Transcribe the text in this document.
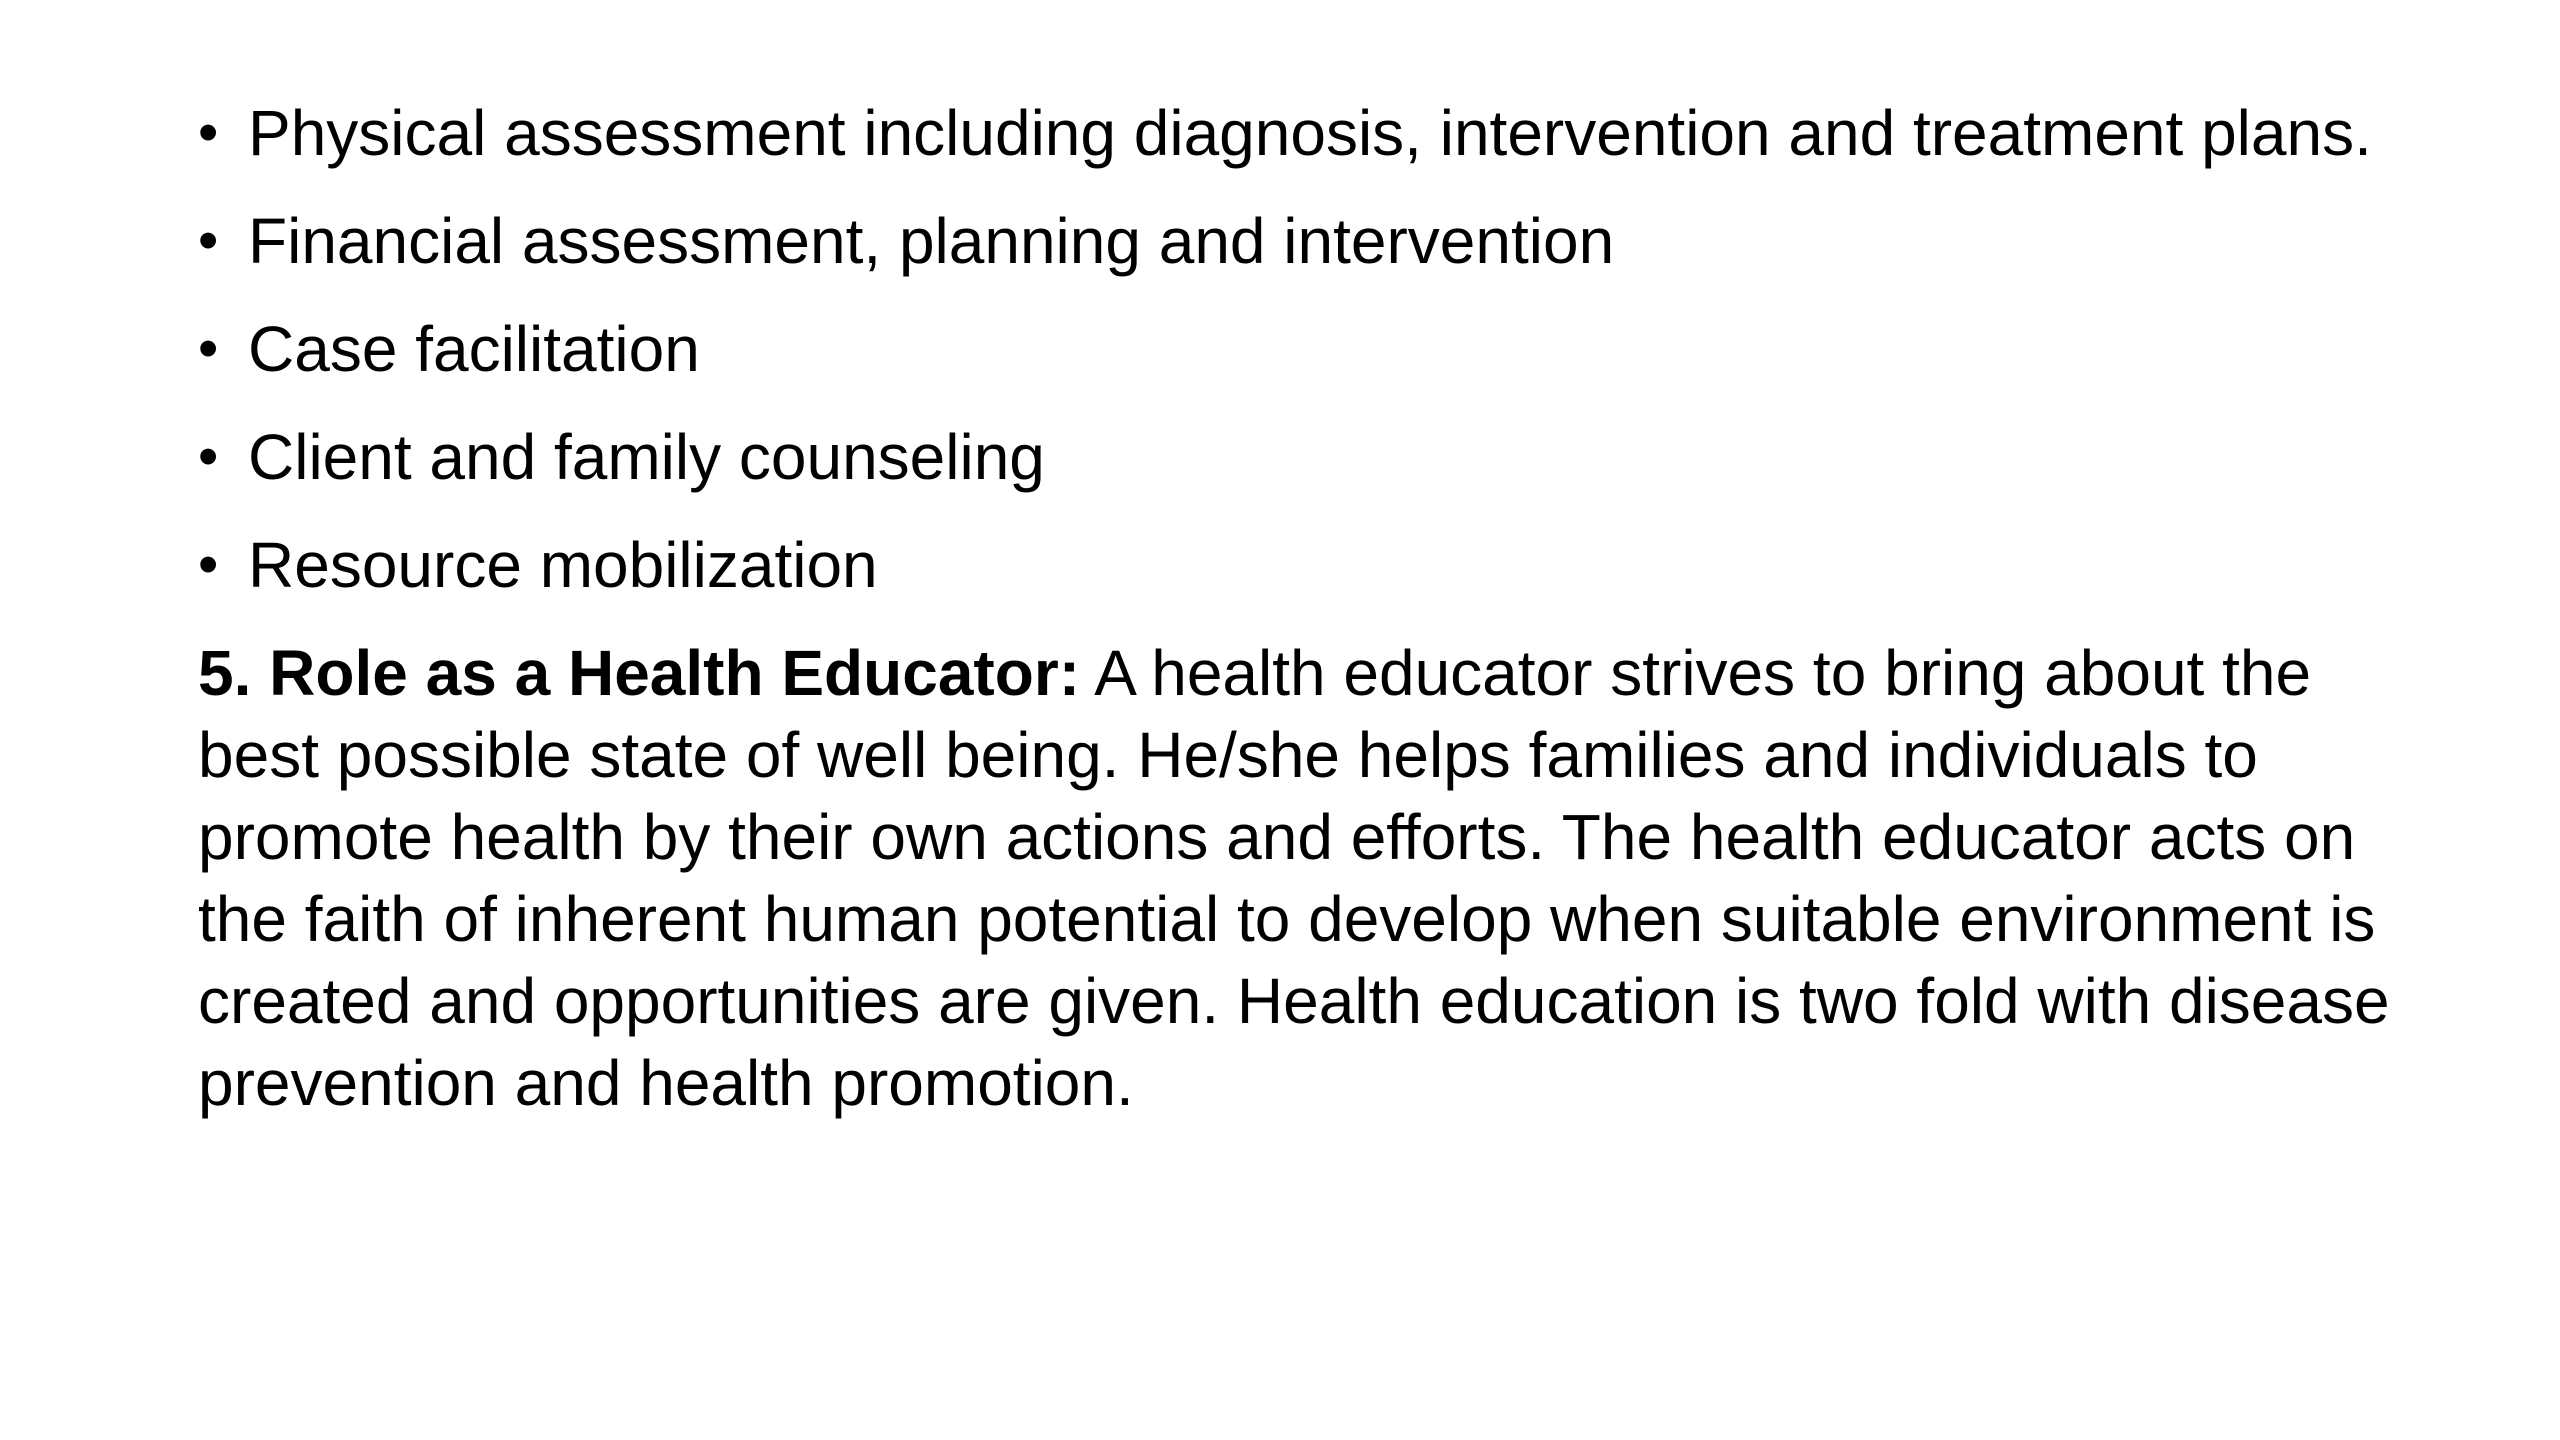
• Physical assessment including diagnosis, intervention and treatment plans.
• Financial assessment, planning and intervention
• Case facilitation
• Client and family counseling
• Resource mobilization

5. Role as a Health Educator: A health educator strives to bring about the best possible state of well being. He/she helps families and individuals to promote health by their own actions and efforts. The health educator acts on the faith of inherent human potential to develop when suitable environment is created and opportunities are given. Health education is two fold with disease prevention and health promotion.
